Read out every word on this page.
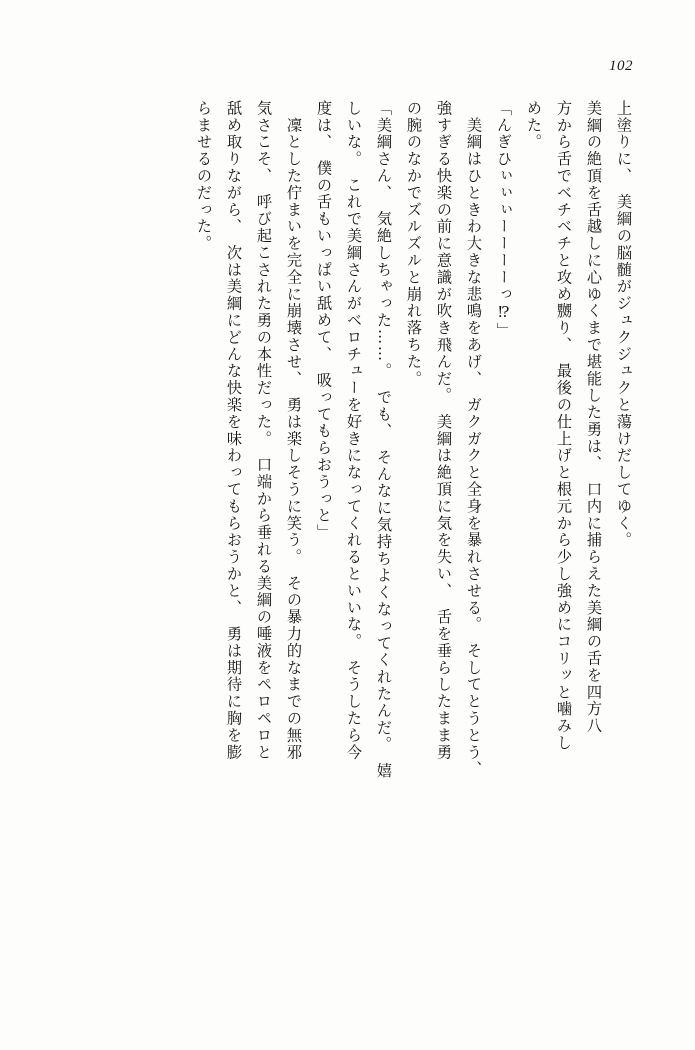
102
上塗りに、　美綱の脳髄がジュクジュクと蕩けだしてゆく。
美綱の絶頂を舌越しに心ゆくまで堪能した勇は、　口内に捕らえた美綱の舌を四方八
方から舌でベチベチと攻め嬲り、　最後の仕上げと根元から少し強めにコリッと噛みし
めた。
「んぎひぃぃぃーーーーっ⁉」
　美綱はひときわ大きな悲鳴をあげ、　ガクガクと全身を暴れさせる。　そしてとうとう、
強すぎる快楽の前に意識が吹き飛んだ。　美綱は絶頂に気を失い、　舌を垂らしたまま勇
の腕のなかでズルズルと崩れ落ちた。
「美綱さん、　気絶しちゃった……。　でも、　そんなに気持ちよくなってくれたんだ。　嬉
しいな。　これで美綱さんがベロチューを好きになってくれるといいな。　そうしたら今
度は、　僕の舌もいっぱい舐めて、　吸ってもらおうっと」
　凜とした佇まいを完全に崩壊させ、　勇は楽しそうに笑う。　その暴力的なまでの無邪
気さこそ、　呼び起こされた勇の本性だった。　口端から垂れる美綱の唾液をペロペロと
舐め取りながら、　次は美綱にどんな快楽を味わってもらおうかと、　勇は期待に胸を膨
らませるのだった。
